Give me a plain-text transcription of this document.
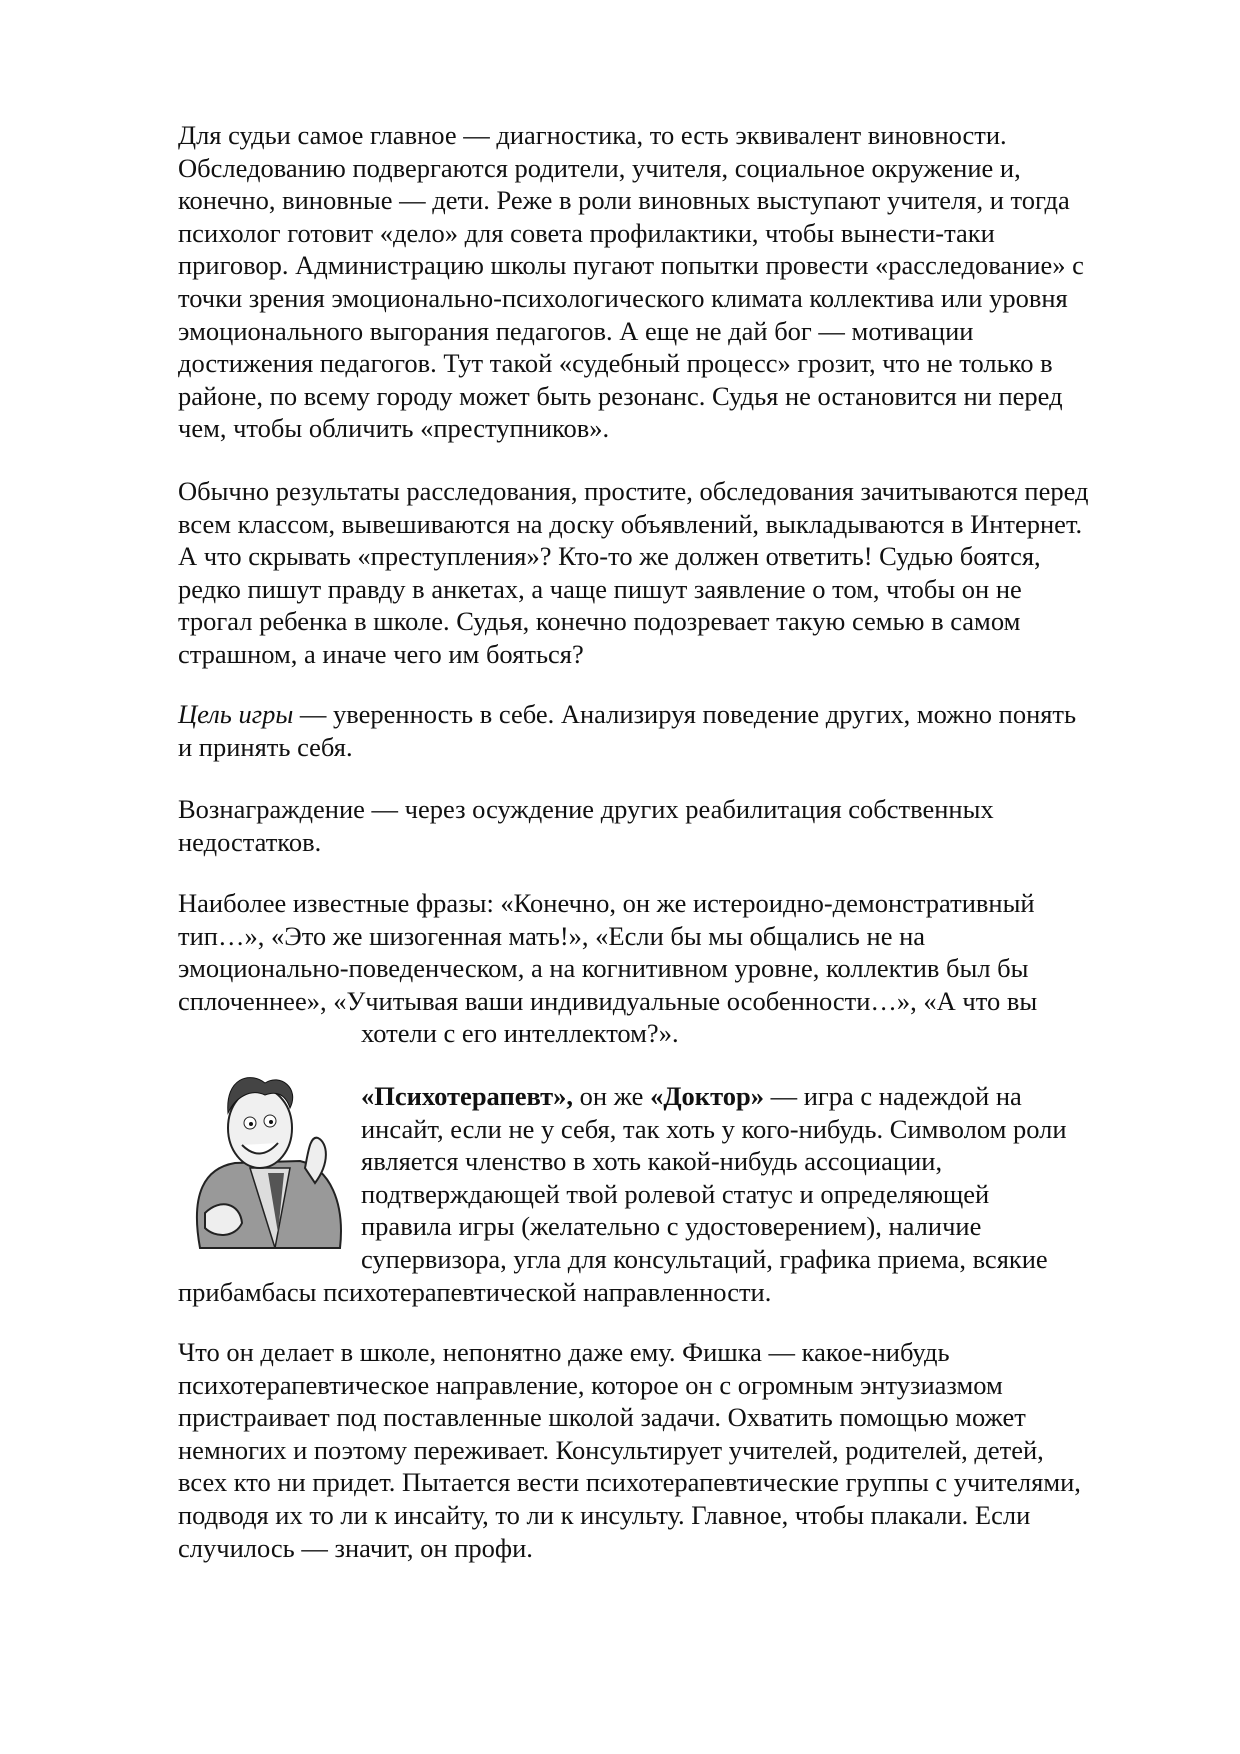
Для судьи самое главное — диагностика, то есть эквивалент виновности.
Обследованию подвергаются родители, учителя, социальное окружение и,
конечно, виновные — дети. Реже в роли виновных выступают учителя, и тогда
психолог готовит «дело» для совета профилактики, чтобы вынести-таки
приговор. Администрацию школы пугают попытки провести «расследование» с
точки зрения эмоционально-психологического климата коллектива или уровня
эмоционального выгорания педагогов. А еще не дай бог — мотивации
достижения педагогов. Тут такой «судебный процесс» грозит, что не только в
районе, по всему городу может быть резонанс. Судья не остановится ни перед
чем, чтобы обличить «преступников».
Обычно результаты расследования, простите, обследования зачитываются перед
всем классом, вывешиваются на доску объявлений, выкладываются в Интернет.
А что скрывать «преступления»? Кто-то же должен ответить! Судью боятся,
редко пишут правду в анкетах, а чаще пишут заявление о том, чтобы он не
трогал ребенка в школе. Судья, конечно подозревает такую семью в самом
страшном, а иначе чего им бояться?
Цель игры — уверенность в себе. Анализируя поведение других, можно понять
и принять себя.
Вознаграждение — через осуждение других реабилитация собственных
недостатков.
Наиболее известные фразы: «Конечно, он же истероидно-демонстративный
тип…», «Это же шизогенная мать!», «Если бы мы общались не на
эмоционально-поведенческом, а на когнитивном уровне, коллектив был бы
сплоченнее», «Учитывая ваши индивидуальные особенности…», «А что вы
хотели с его интеллектом?».
«Психотерапевт», он же «Доктор» — игра с надеждой на
инсайт, если не у себя, так хоть у кого-нибудь. Символом роли
является членство в хоть какой-нибудь ассоциации,
подтверждающей твой ролевой статус и определяющей
правила игры (желательно с удостоверением), наличие
супервизора, угла для консультаций, графика приема, всякие
прибамбасы психотерапевтической направленности.
Что он делает в школе, непонятно даже ему. Фишка — какое-нибудь
психотерапевтическое направление, которое он с огромным энтузиазмом
пристраивает под поставленные школой задачи. Охватить помощью может
немногих и поэтому переживает. Консультирует учителей, родителей, детей,
всех кто ни придет. Пытается вести психотерапевтические группы с учителями,
подводя их то ли к инсайту, то ли к инсульту. Главное, чтобы плакали. Если
случилось — значит, он профи.
